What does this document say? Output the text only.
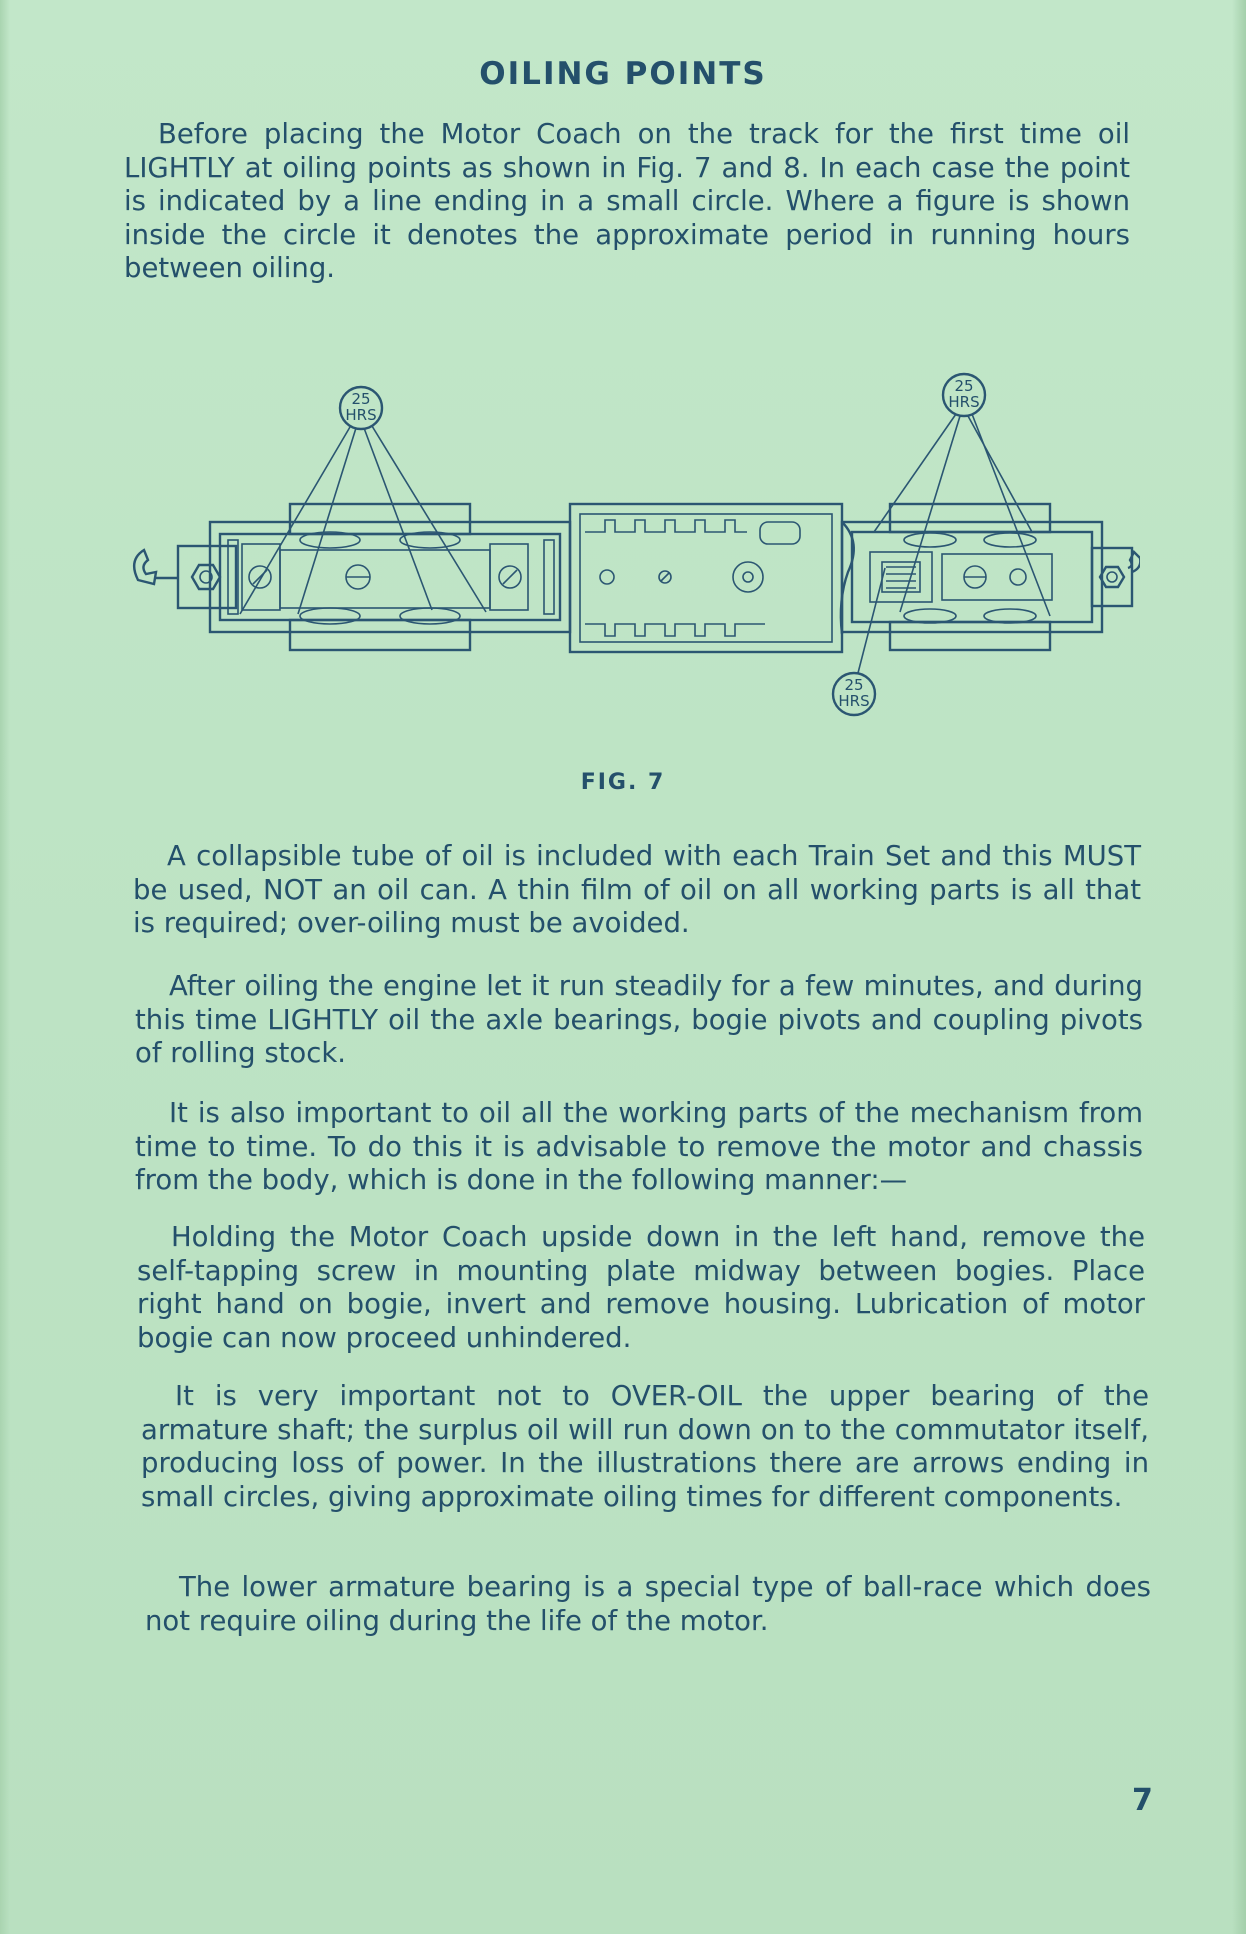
OILING POINTS

Before placing the Motor Coach on the track for the first time oil LIGHTLY at oiling points as shown in Fig. 7 and 8. In each case the point is indicated by a line ending in a small circle. Where a figure is shown inside the circle it denotes the approximate period in running hours between oiling.

25
HRS
25
HRS
25
HRS
FIG. 7

A collapsible tube of oil is included with each Train Set and this MUST be used, NOT an oil can. A thin film of oil on all working parts is all that is required; over-oiling must be avoided.

After oiling the engine let it run steadily for a few minutes, and during this time LIGHTLY oil the axle bearings, bogie pivots and coupling pivots of rolling stock.

It is also important to oil all the working parts of the mechanism from time to time. To do this it is advisable to remove the motor and chassis from the body, which is done in the following manner:—

Holding the Motor Coach upside down in the left hand, remove the self-tapping screw in mounting plate midway between bogies. Place right hand on bogie, invert and remove housing. Lubrication of motor bogie can now proceed unhindered.

It is very important not to OVER-OIL the upper bearing of the armature shaft; the surplus oil will run down on to the commutator itself, producing loss of power. In the illustrations there are arrows ending in small circles, giving approximate oiling times for different components.

The lower armature bearing is a special type of ball-race which does not require oiling during the life of the motor.

7
